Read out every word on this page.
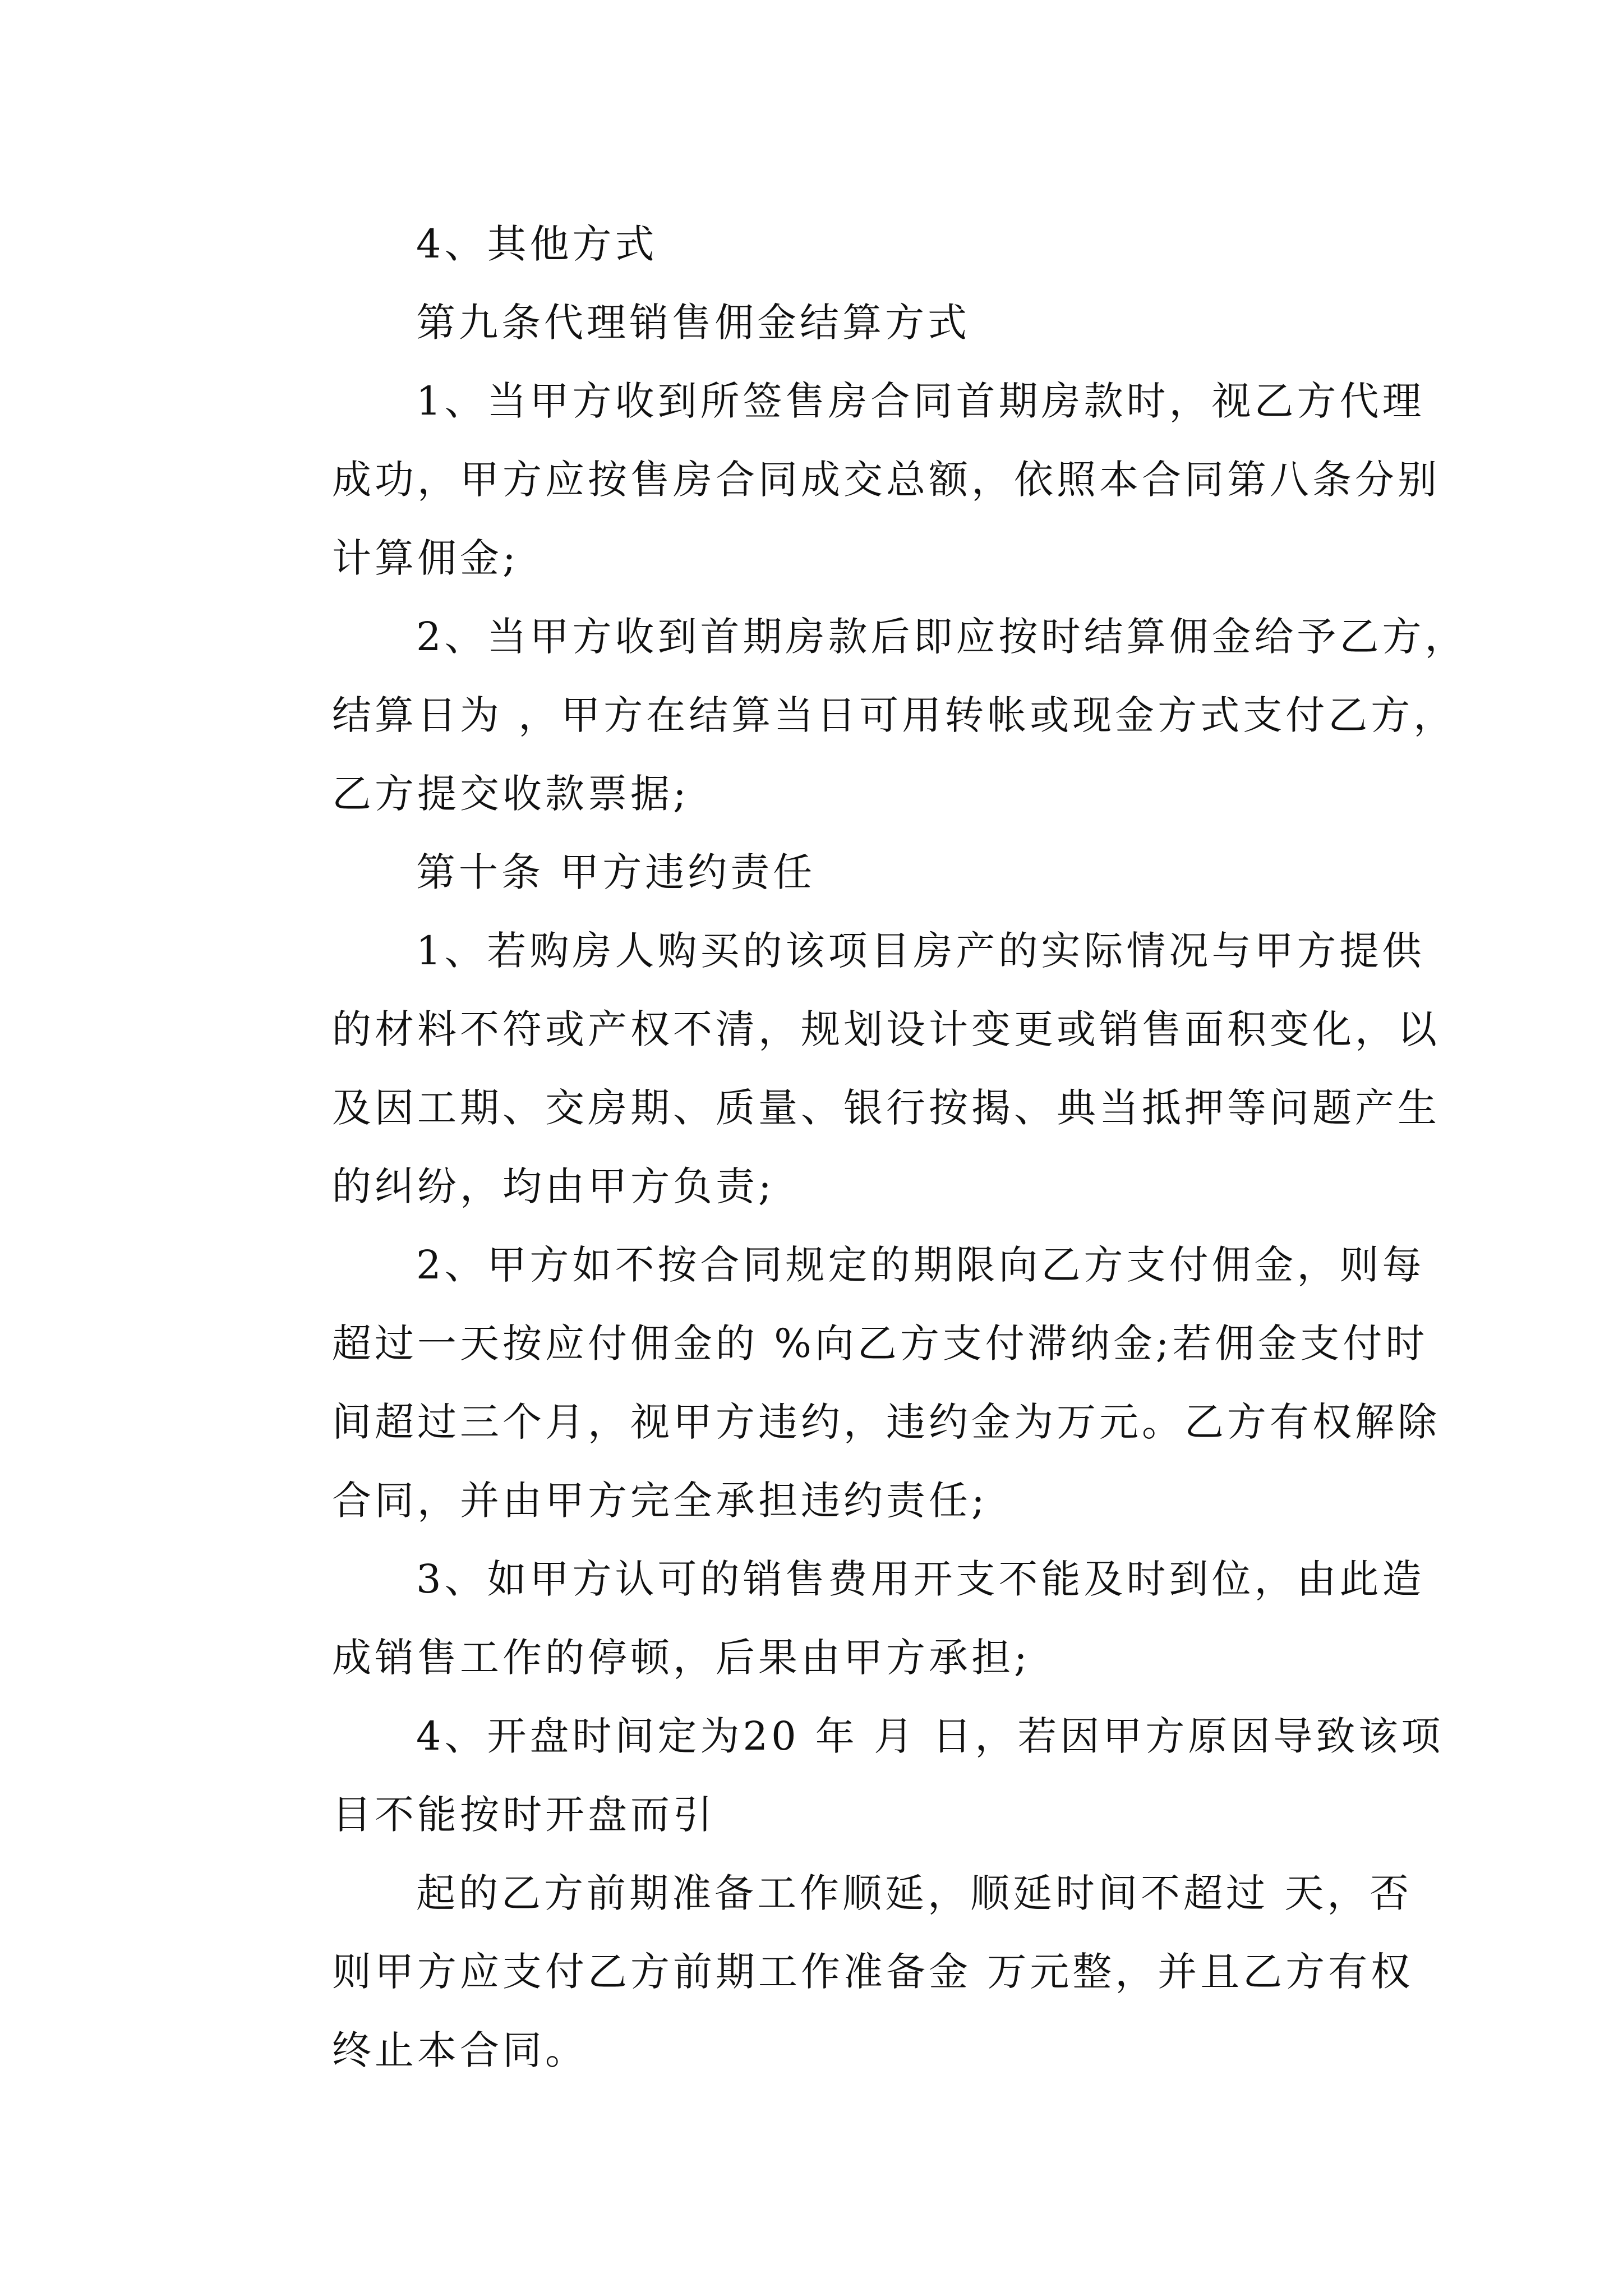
4、其他方式
第九条代理销售佣金结算方式
1、当甲方收到所签售房合同首期房款时，视乙方代理
成功，甲方应按售房合同成交总额，依照本合同第八条分别
计算佣金;
2、当甲方收到首期房款后即应按时结算佣金给予乙方，
结算日为 ，甲方在结算当日可用转帐或现金方式支付乙方，
乙方提交收款票据;
第十条 甲方违约责任
1、若购房人购买的该项目房产的实际情况与甲方提供
的材料不符或产权不清，规划设计变更或销售面积变化，以
及因工期、交房期、质量、银行按揭、典当抵押等问题产生
的纠纷，均由甲方负责;
2、甲方如不按合同规定的期限向乙方支付佣金，则每
超过一天按应付佣金的 %向乙方支付滞纳金;若佣金支付时
间超过三个月，视甲方违约，违约金为万元。乙方有权解除
合同，并由甲方完全承担违约责任;
3、如甲方认可的销售费用开支不能及时到位，由此造
成销售工作的停顿，后果由甲方承担;
4、开盘时间定为20 年 月 日，若因甲方原因导致该项
目不能按时开盘而引
起的乙方前期准备工作顺延，顺延时间不超过 天，否
则甲方应支付乙方前期工作准备金 万元整，并且乙方有权
终止本合同。
